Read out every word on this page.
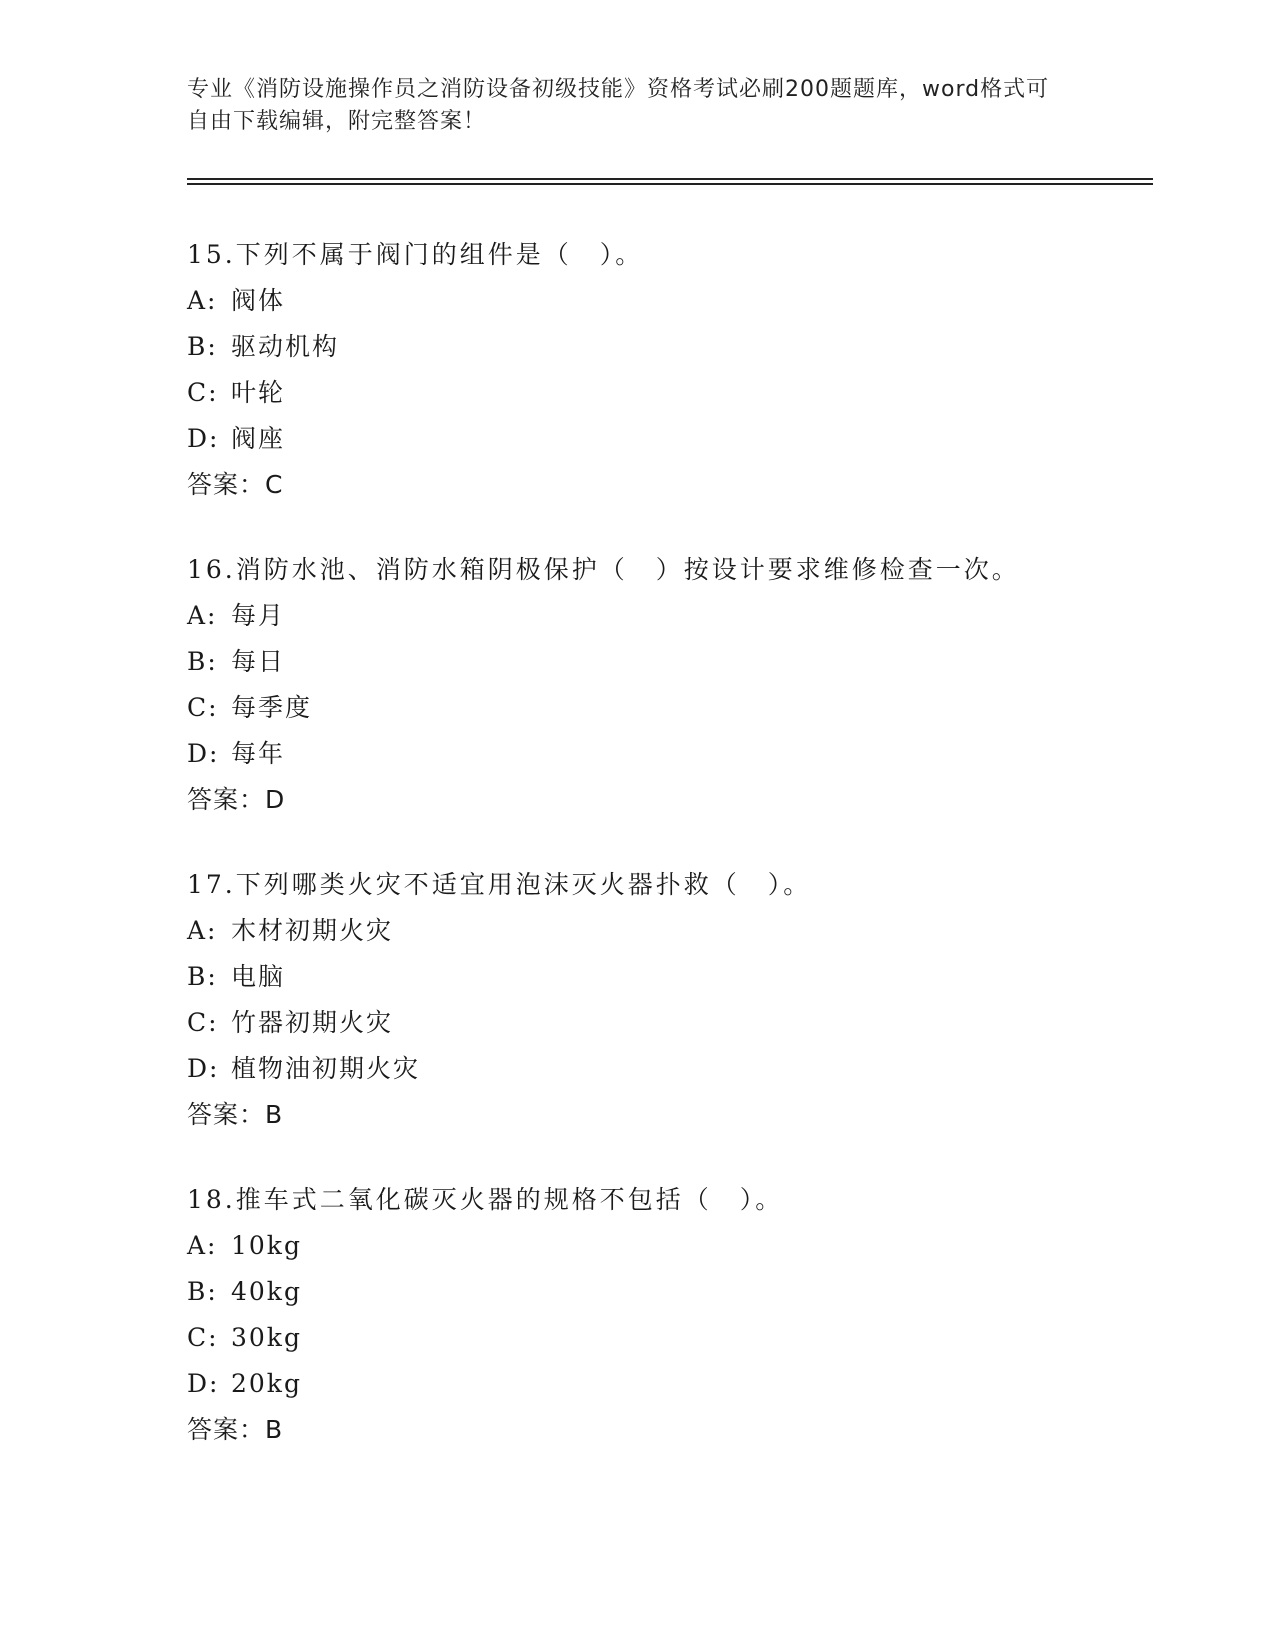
专业《消防设施操作员之消防设备初级技能》资格考试必刷200题题库，word格式可自由下载编辑，附完整答案！
15.下列不属于阀门的组件是（　）。
A: 阀体
B: 驱动机构
C: 叶轮
D: 阀座
答案：C
16.消防水池、消防水箱阴极保护（　）按设计要求维修检查一次。
A: 每月
B: 每日
C: 每季度
D: 每年
答案：D
17.下列哪类火灾不适宜用泡沫灭火器扑救（　）。
A: 木材初期火灾
B: 电脑
C: 竹器初期火灾
D: 植物油初期火灾
答案：B
18.推车式二氧化碳灭火器的规格不包括（　）。
A: 10kg
B: 40kg
C: 30kg
D: 20kg
答案：B
